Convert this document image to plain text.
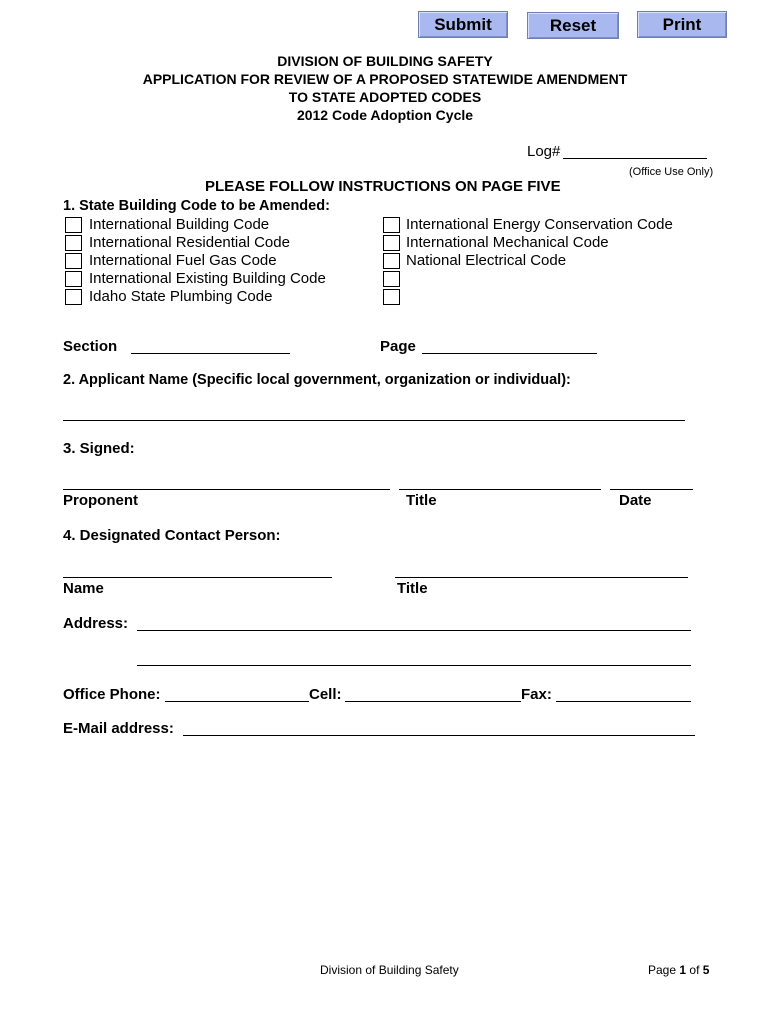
Submit	Reset	Print
DIVISION OF BUILDING SAFETY
APPLICATION FOR REVIEW OF A PROPOSED STATEWIDE AMENDMENT
TO STATE ADOPTED CODES
2012 Code Adoption Cycle
Log#
(Office Use Only)
PLEASE FOLLOW INSTRUCTIONS ON PAGE FIVE
1. State Building Code to be Amended:
International Building Code
International Residential Code
International Fuel Gas Code
International Existing Building Code
Idaho State Plumbing Code
International Energy Conservation Code
International Mechanical Code
National Electrical Code
Section	Page
2. Applicant Name (Specific local government, organization or individual):
3. Signed:
Proponent	Title	Date
4. Designated Contact Person:
Name	Title
Address:
Office Phone:	Cell:	Fax:
E-Mail address:
Division of Building Safety	Page 1 of 5
